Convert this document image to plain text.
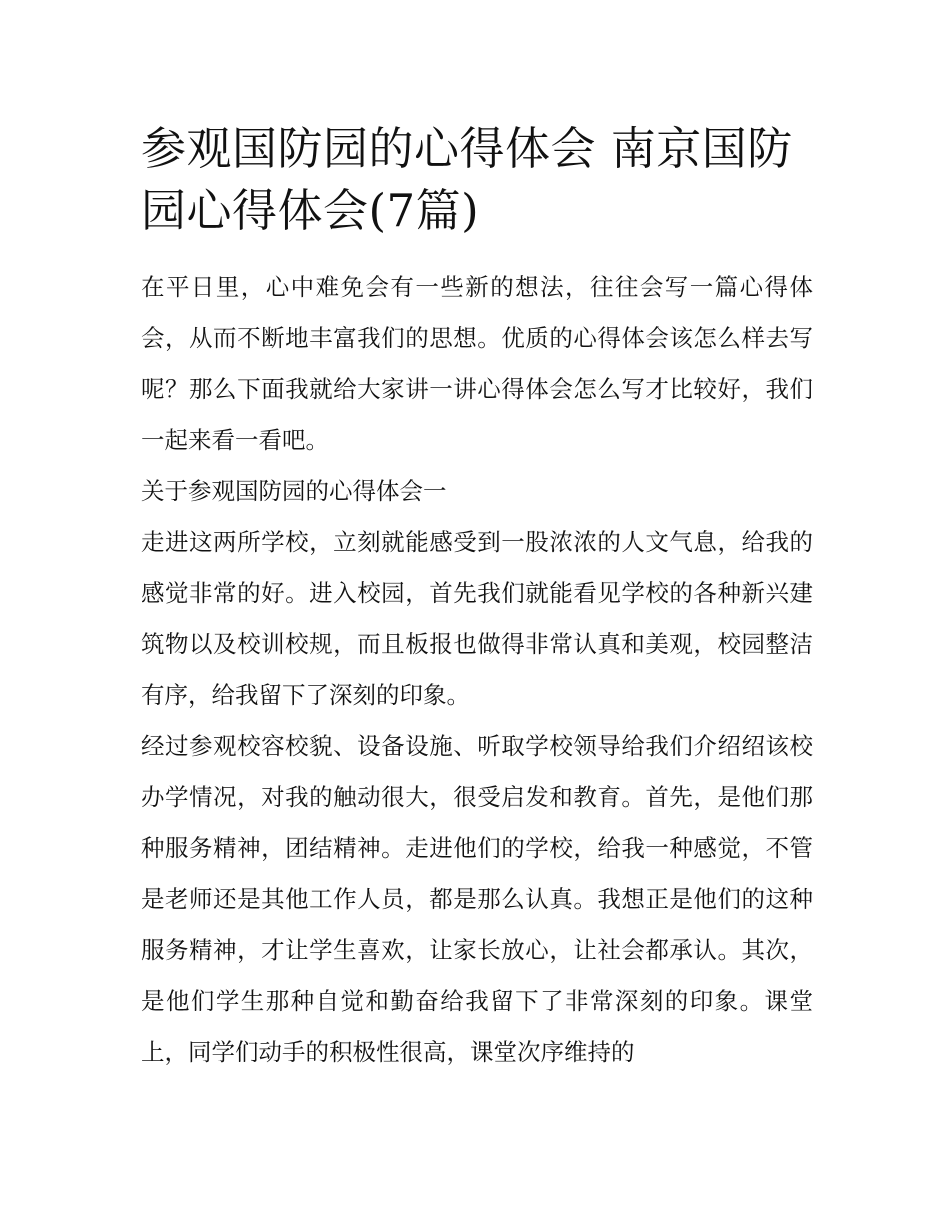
参观国防园的心得体会 南京国防园心得体会(7篇)

在平日里，心中难免会有一些新的想法，往往会写一篇心得体会，从而不断地丰富我们的思想。优质的心得体会该怎么样去写呢？那么下面我就给大家讲一讲心得体会怎么写才比较好，我们一起来看一看吧。

关于参观国防园的心得体会一

走进这两所学校，立刻就能感受到一股浓浓的人文气息，给我的感觉非常的好。进入校园，首先我们就能看见学校的各种新兴建筑物以及校训校规，而且板报也做得非常认真和美观，校园整洁有序，给我留下了深刻的印象。

经过参观校容校貌、设备设施、听取学校领导给我们介绍绍该校办学情况，对我的触动很大，很受启发和教育。首先，是他们那种服务精神，团结精神。走进他们的学校，给我一种感觉，不管是老师还是其他工作人员，都是那么认真。我想正是他们的这种服务精神，才让学生喜欢，让家长放心，让社会都承认。其次，是他们学生那种自觉和勤奋给我留下了非常深刻的印象。课堂上，同学们动手的积极性很高，课堂次序维持的
